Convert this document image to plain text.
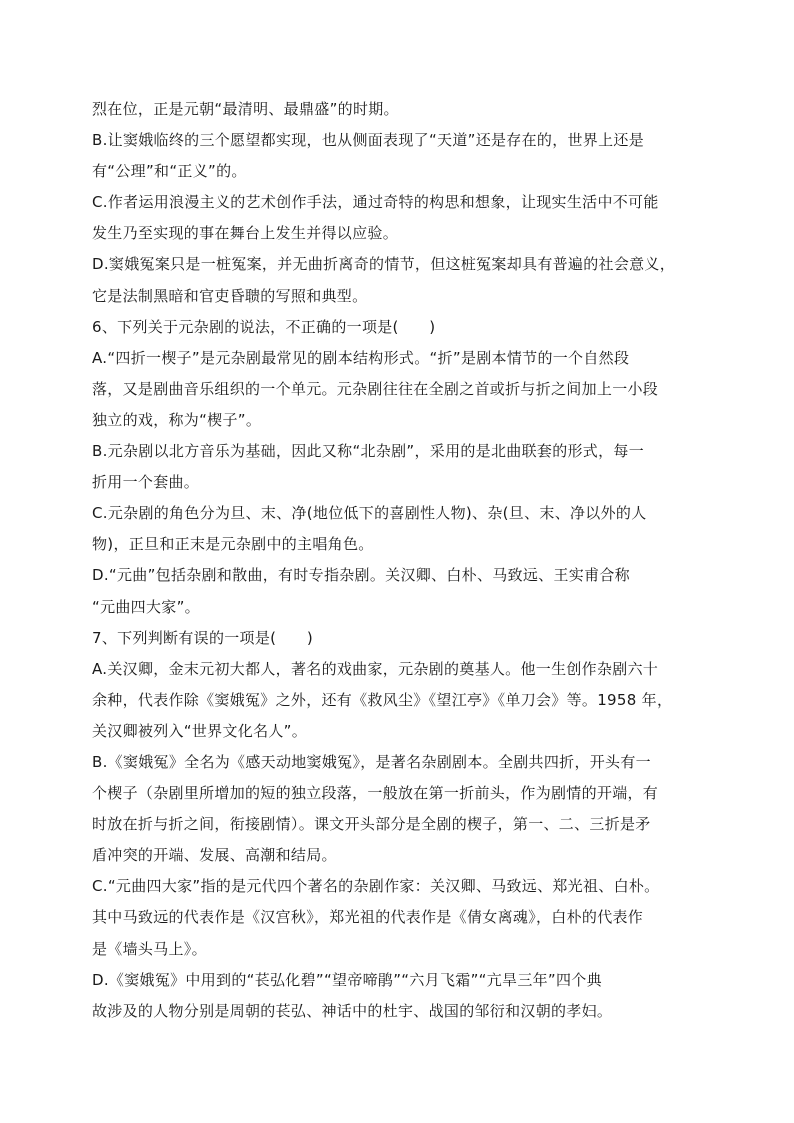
烈在位，正是元朝“最清明、最鼎盛”的时期。
B.让窦娥临终的三个愿望都实现，也从侧面表现了“天道”还是存在的，世界上还是
有“公理”和“正义”的。
C.作者运用浪漫主义的艺术创作手法，通过奇特的构思和想象，让现实生活中不可能
发生乃至实现的事在舞台上发生并得以应验。
D.窦娥冤案只是一桩冤案，并无曲折离奇的情节，但这桩冤案却具有普遍的社会意义，
它是法制黑暗和官吏昏聩的写照和典型。
6、下列关于元杂剧的说法，不正确的一项是(　　)
A.“四折一楔子”是元杂剧最常见的剧本结构形式。“折”是剧本情节的一个自然段
落，又是剧曲音乐组织的一个单元。元杂剧往往在全剧之首或折与折之间加上一小段
独立的戏，称为“楔子”。
B.元杂剧以北方音乐为基础，因此又称“北杂剧”，采用的是北曲联套的形式，每一
折用一个套曲。
C.元杂剧的角色分为旦、末、净(地位低下的喜剧性人物)、杂(旦、末、净以外的人
物)，正旦和正末是元杂剧中的主唱角色。
D.“元曲”包括杂剧和散曲，有时专指杂剧。关汉卿、白朴、马致远、王实甫合称
“元曲四大家”。
7、下列判断有误的一项是(　　)
A.关汉卿，金末元初大都人，著名的戏曲家，元杂剧的奠基人。他一生创作杂剧六十
余种，代表作除《窦娥冤》之外，还有《救风尘》《望江亭》《单刀会》等。1958 年，
关汉卿被列入“世界文化名人”。
B.《窦娥冤》全名为《感天动地窦娥冤》，是著名杂剧剧本。全剧共四折，开头有一
个楔子（杂剧里所增加的短的独立段落，一般放在第一折前头，作为剧情的开端，有
时放在折与折之间，衔接剧情）。课文开头部分是全剧的楔子，第一、二、三折是矛
盾冲突的开端、发展、高潮和结局。
C.“元曲四大家”指的是元代四个著名的杂剧作家：关汉卿、马致远、郑光祖、白朴。
其中马致远的代表作是《汉宫秋》，郑光祖的代表作是《倩女离魂》，白朴的代表作
是《墙头马上》。
D.《窦娥冤》中用到的“苌弘化碧”“望帝啼鹃”“六月飞霜”“亢旱三年”四个典
故涉及的人物分别是周朝的苌弘、神话中的杜宇、战国的邹衍和汉朝的孝妇。
